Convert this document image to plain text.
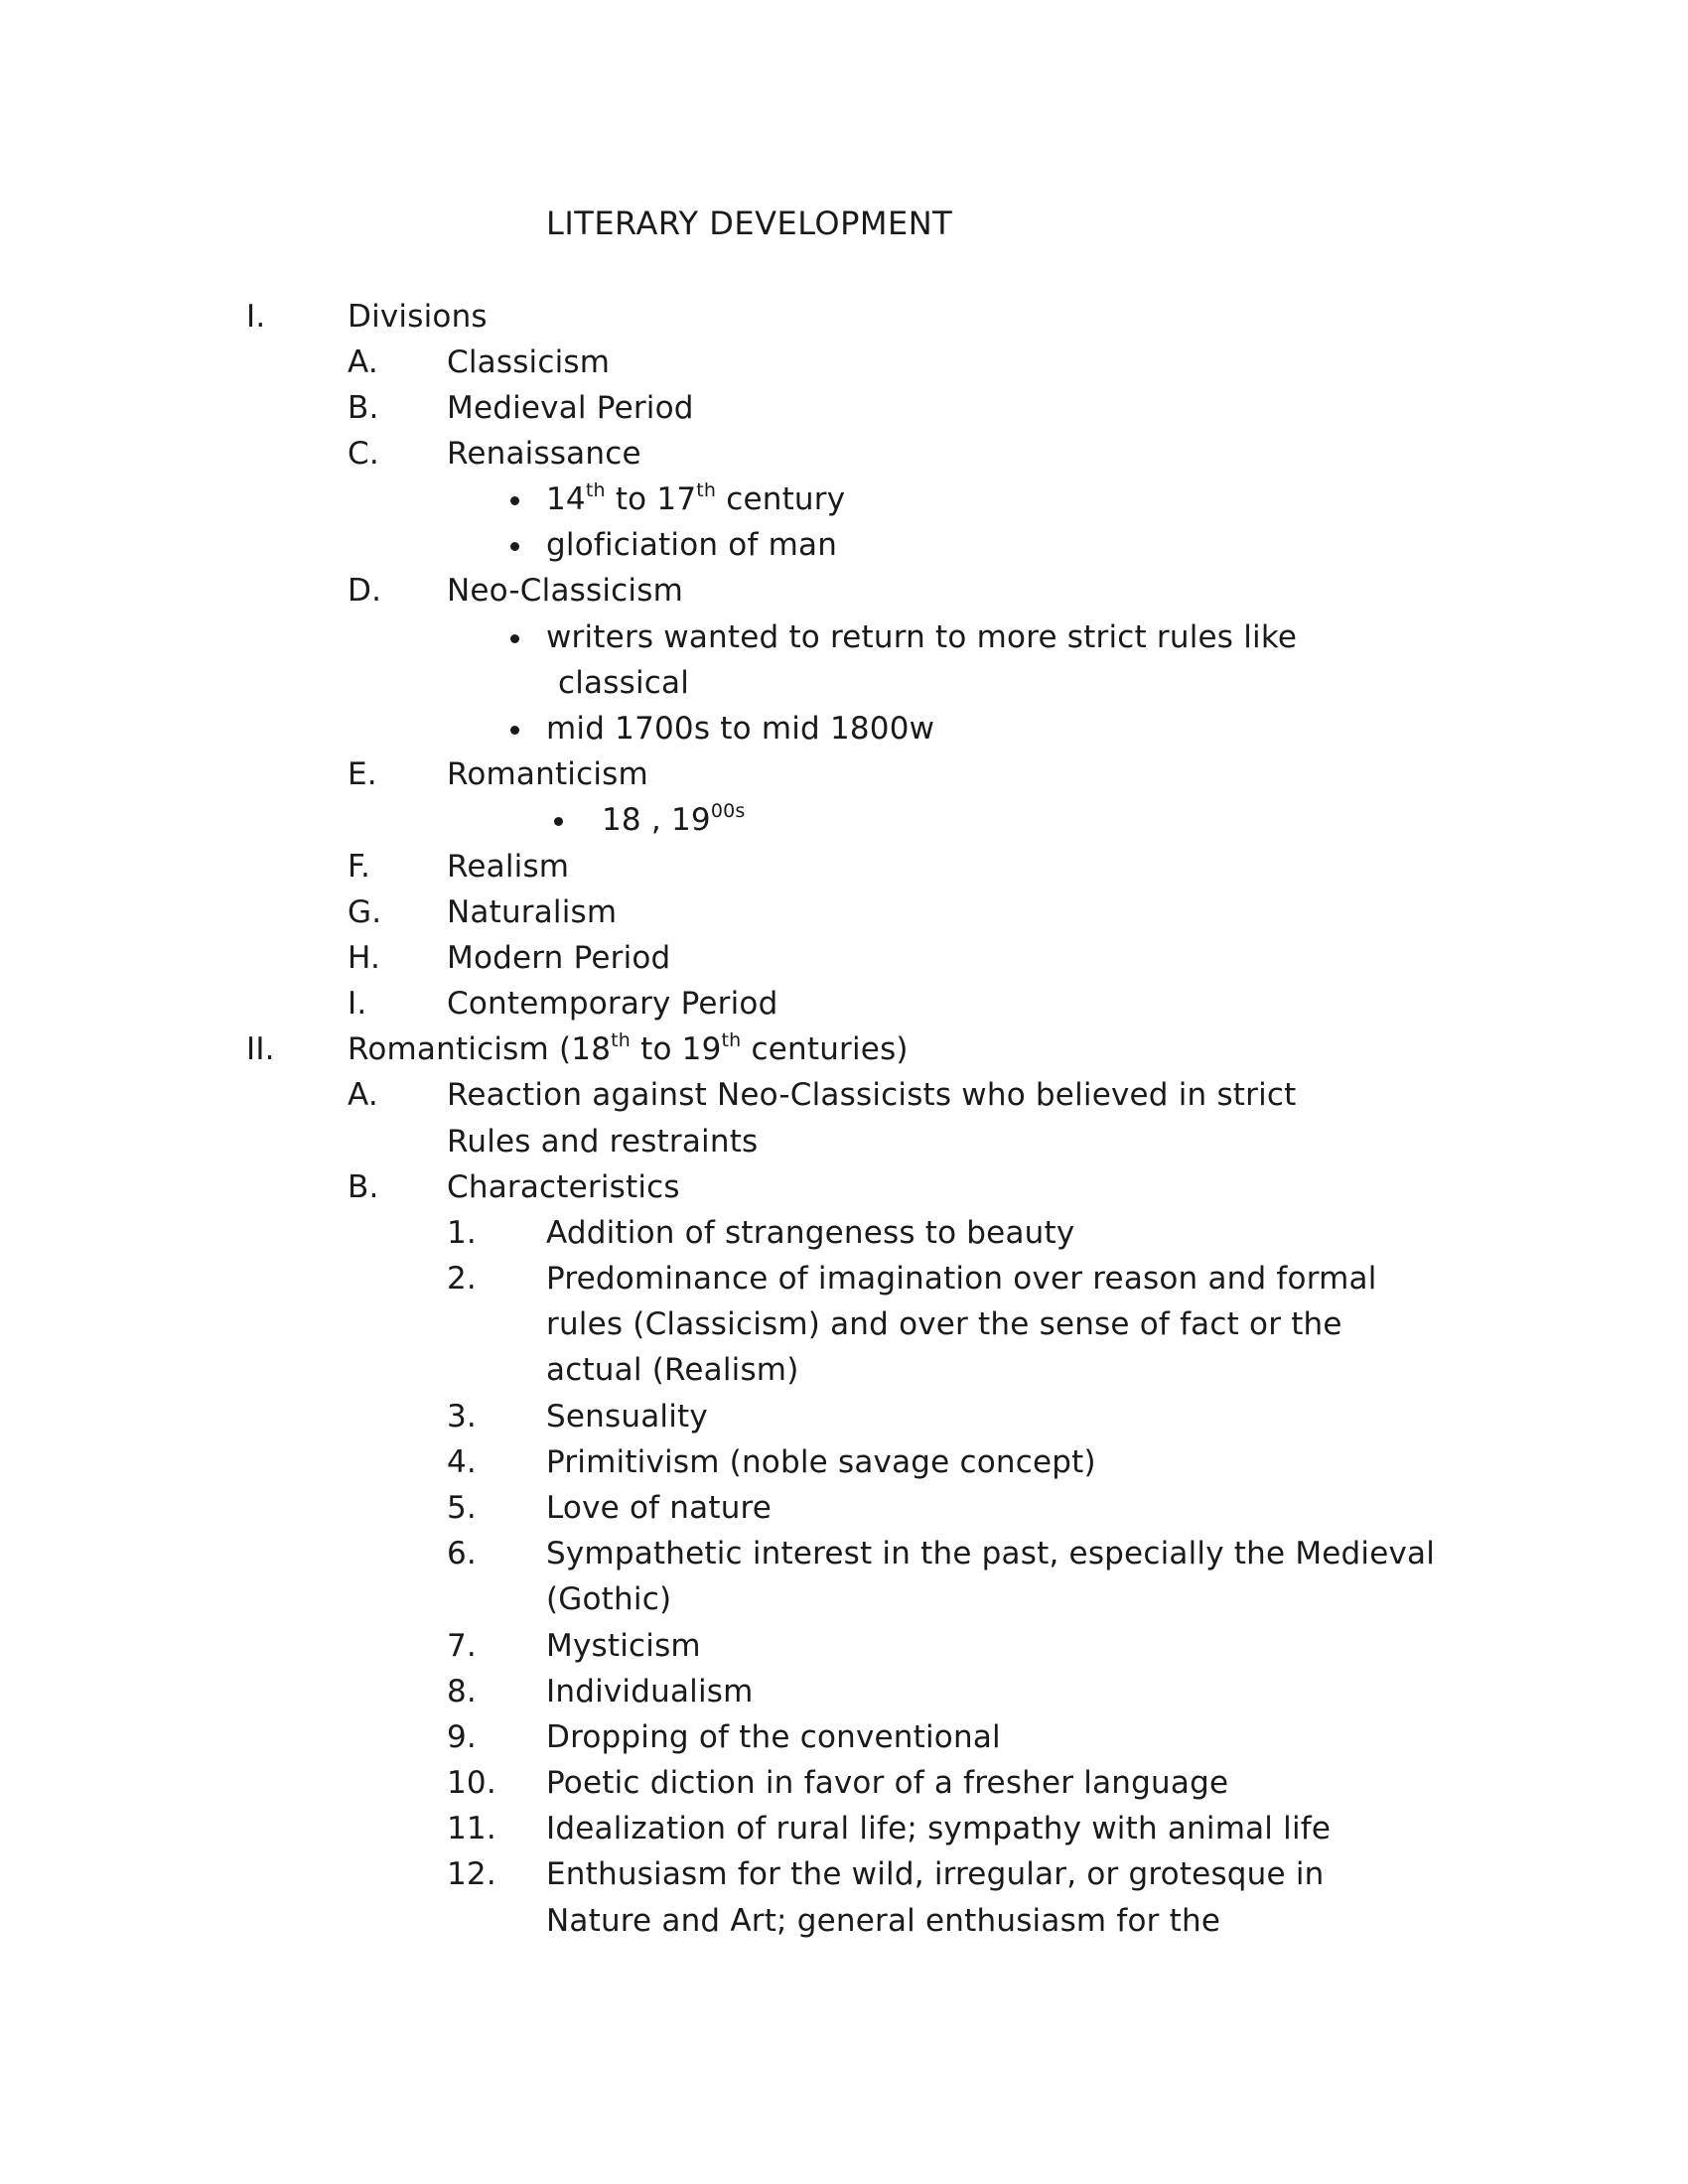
LITERARY DEVELOPMENT
I.	Divisions
A. Classicism
B. Medieval Period
C. Renaissance
14th to 17th century
gloficiation of man
D. Neo-Classicism
writers wanted to return to more strict rules like
classical
mid 1700s to mid 1800w
E. Romanticism
18 , $19^{00s}$
F. Realism
G. Naturalism
H. Modern Period
I.	Contemporary Period
II. Romanticism (18th to 19th centuries)
A. Reaction against Neo-Classicists who believed in strict
Rules and restraints
B. Characteristics
1. Addition of strangeness to beauty
2. Predominance of imagination over reason and formal
rules (Classicism) and over the sense of fact or the
actual (Realism)
3. Sensuality
4. Primitivism (noble savage concept)
5. Love of nature
6. Sympathetic interest in the past, especially the Medieval
(Gothic)
7. Mysticism
8. Individualism
9. Dropping of the conventional
10. Poetic diction in favor of a fresher language
11. Idealization of rural life; sympathy with animal life
12. Enthusiasm for the wild, irregular, or grotesque in
Nature and Art; general enthusiasm for the
